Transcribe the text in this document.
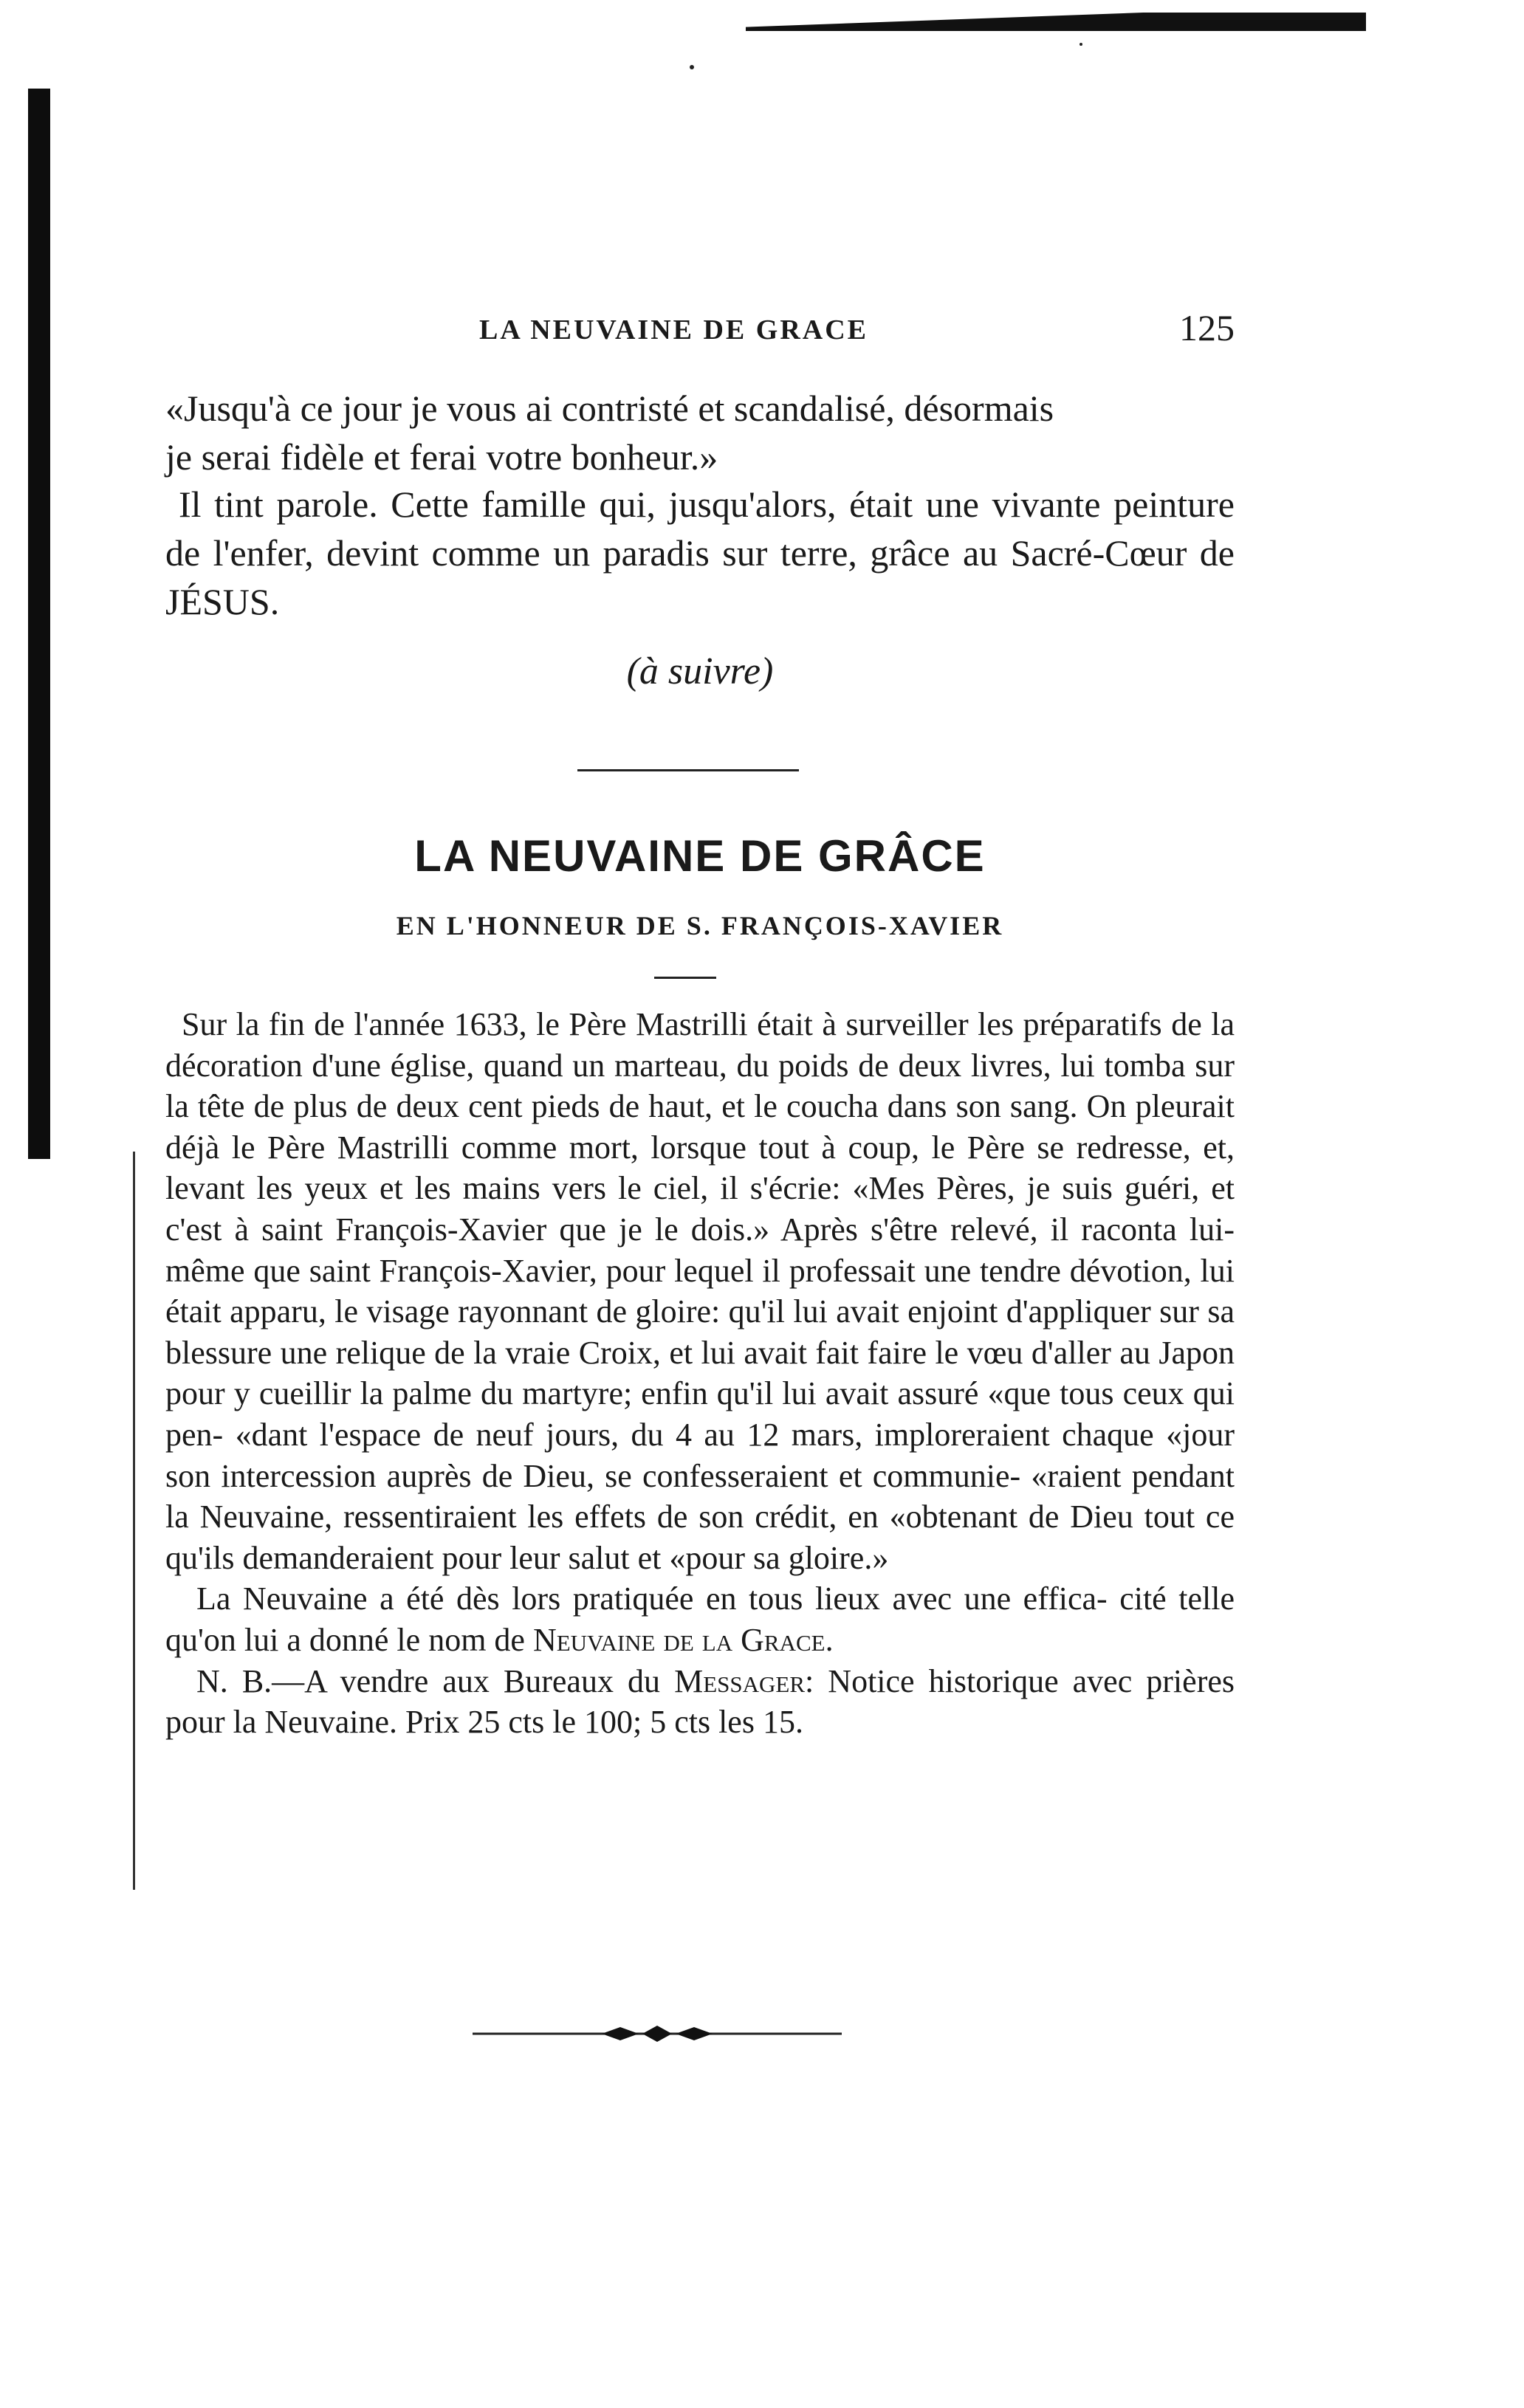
LA NEUVAINE DE GRACE	125

«Jusqu'à ce jour je vous ai contristé et scandalisé, désormais

je serai fidèle et ferai votre bonheur.»

Il tint parole. Cette famille qui, jusqu'alors, était une vivante peinture de l'enfer, devint comme un paradis sur terre, grâce au Sacré-Cœur de JÉSUS.

(à suivre)
LA NEUVAINE DE GRÂCE
EN L'HONNEUR DE S. FRANÇOIS-XAVIER

Sur la fin de l'année 1633, le Père Mastrilli était à surveiller les préparatifs de la décoration d'une église, quand un marteau, du poids de deux livres, lui tomba sur la tête de plus de deux cent pieds de haut, et le coucha dans son sang. On pleurait déjà le Père Mastrilli comme mort, lorsque tout à coup, le Père se redresse, et, levant les yeux et les mains vers le ciel, il s'écrie: «Mes Pères, je suis guéri, et c'est à saint François-Xavier que je le dois.» Après s'être relevé, il raconta lui-même que saint François-Xavier, pour lequel il professait une tendre dévotion, lui était apparu, le visage rayonnant de gloire: qu'il lui avait enjoint d'appliquer sur sa blessure une relique de la vraie Croix, et lui avait fait faire le vœu d'aller au Japon pour y cueillir la palme du martyre; enfin qu'il lui avait assuré «que tous ceux qui pen- «dant l'espace de neuf jours, du 4 au 12 mars, imploreraient chaque «jour son intercession auprès de Dieu, se confesseraient et communie- «raient pendant la Neuvaine, ressentiraient les effets de son crédit, en «obtenant de Dieu tout ce qu'ils demanderaient pour leur salut et «pour sa gloire.»

La Neuvaine a été dès lors pratiquée en tous lieux avec une effica- cité telle qu'on lui a donné le nom de Neuvaine de la Grace.

N. B.—A vendre aux Bureaux du Messager: Notice historique avec prières pour la Neuvaine. Prix 25 cts le 100; 5 cts les 15.
